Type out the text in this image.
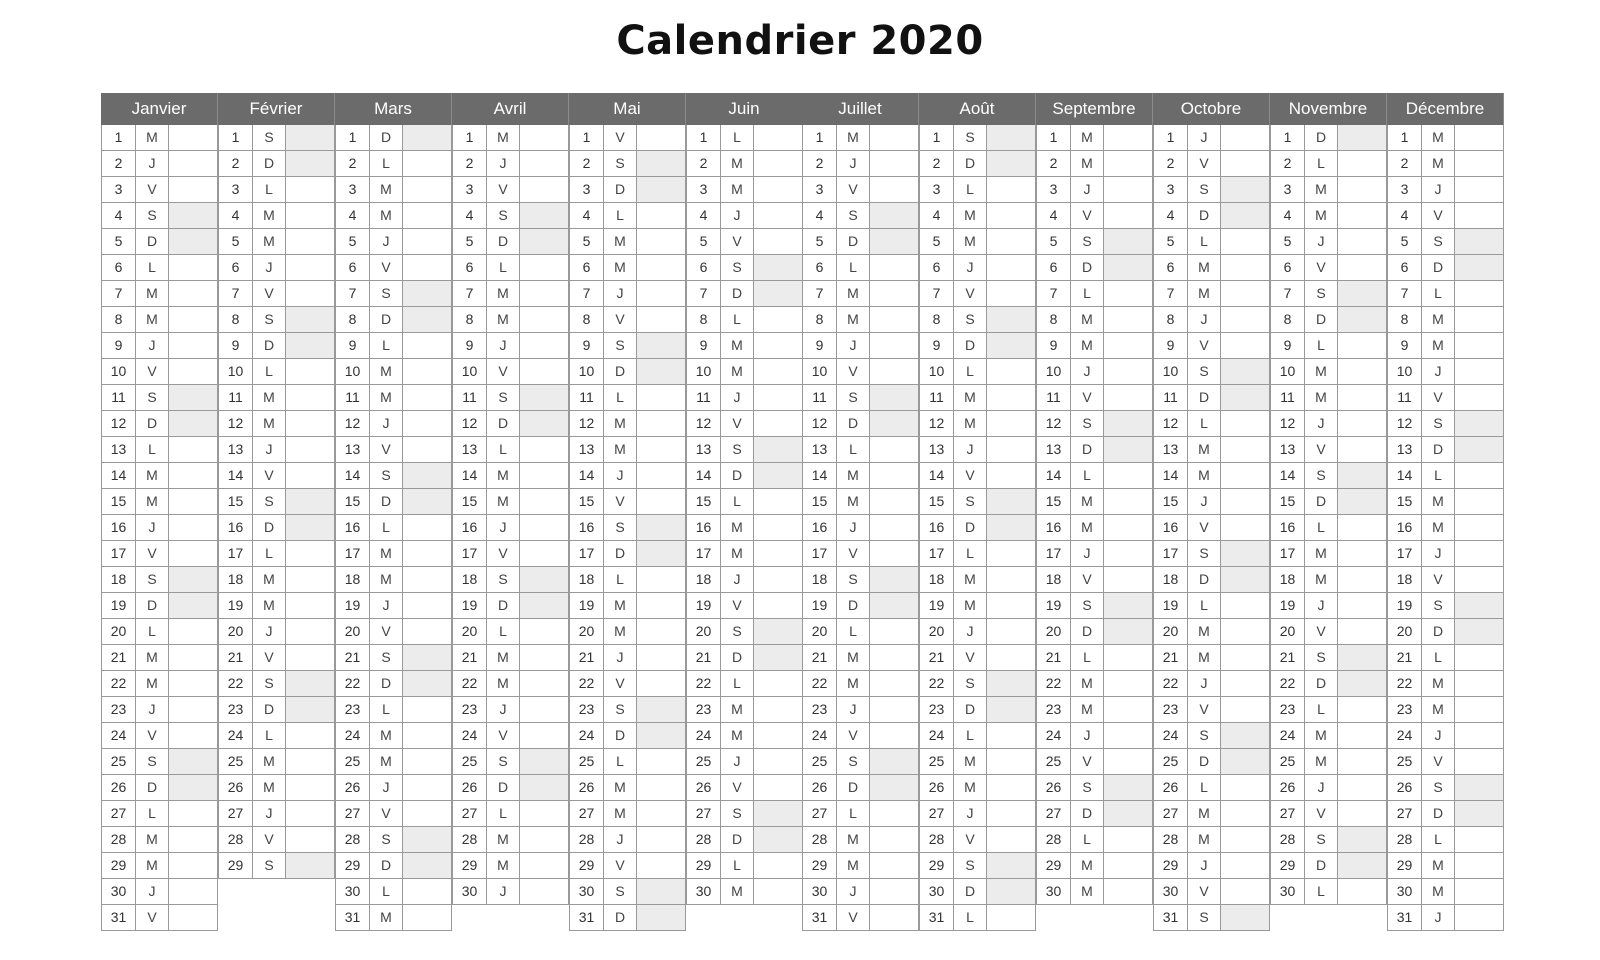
Calendrier 2020
Janvier
1	M
2	J
3	V
4	S
5	D
6	L
7	M
8	M
9	J
10	V
11	S
12	D
13	L
14	M
15	M
16	J
17	V
18	S
19	D
20	L
21	M
22	M
23	J
24	V
25	S
26	D
27	L
28	M
29	M
30	J
31	V
Février
1	S
2	D
3	L
4	M
5	M
6	J
7	V
8	S
9	D
10	L
11	M
12	M
13	J
14	V
15	S
16	D
17	L
18	M
19	M
20	J
21	V
22	S
23	D
24	L
25	M
26	M
27	J
28	V
29	S
Mars
1	D
2	L
3	M
4	M
5	J
6	V
7	S
8	D
9	L
10	M
11	M
12	J
13	V
14	S
15	D
16	L
17	M
18	M
19	J
20	V
21	S
22	D
23	L
24	M
25	M
26	J
27	V
28	S
29	D
30	L
31	M
Avril
1	M
2	J
3	V
4	S
5	D
6	L
7	M
8	M
9	J
10	V
11	S
12	D
13	L
14	M
15	M
16	J
17	V
18	S
19	D
20	L
21	M
22	M
23	J
24	V
25	S
26	D
27	L
28	M
29	M
30	J
Mai
1	V
2	S
3	D
4	L
5	M
6	M
7	J
8	V
9	S
10	D
11	L
12	M
13	M
14	J
15	V
16	S
17	D
18	L
19	M
20	M
21	J
22	V
23	S
24	D
25	L
26	M
27	M
28	J
29	V
30	S
31	D
Juin
1	L
2	M
3	M
4	J
5	V
6	S
7	D
8	L
9	M
10	M
11	J
12	V
13	S
14	D
15	L
16	M
17	M
18	J
19	V
20	S
21	D
22	L
23	M
24	M
25	J
26	V
27	S
28	D
29	L
30	M
Juillet
1	M
2	J
3	V
4	S
5	D
6	L
7	M
8	M
9	J
10	V
11	S
12	D
13	L
14	M
15	M
16	J
17	V
18	S
19	D
20	L
21	M
22	M
23	J
24	V
25	S
26	D
27	L
28	M
29	M
30	J
31	V
Août
1	S
2	D
3	L
4	M
5	M
6	J
7	V
8	S
9	D
10	L
11	M
12	M
13	J
14	V
15	S
16	D
17	L
18	M
19	M
20	J
21	V
22	S
23	D
24	L
25	M
26	M
27	J
28	V
29	S
30	D
31	L
Septembre
1	M
2	M
3	J
4	V
5	S
6	D
7	L
8	M
9	M
10	J
11	V
12	S
13	D
14	L
15	M
16	M
17	J
18	V
19	S
20	D
21	L
22	M
23	M
24	J
25	V
26	S
27	D
28	L
29	M
30	M
Octobre
1	J
2	V
3	S
4	D
5	L
6	M
7	M
8	J
9	V
10	S
11	D
12	L
13	M
14	M
15	J
16	V
17	S
18	D
19	L
20	M
21	M
22	J
23	V
24	S
25	D
26	L
27	M
28	M
29	J
30	V
31	S
Novembre
1	D
2	L
3	M
4	M
5	J
6	V
7	S
8	D
9	L
10	M
11	M
12	J
13	V
14	S
15	D
16	L
17	M
18	M
19	J
20	V
21	S
22	D
23	L
24	M
25	M
26	J
27	V
28	S
29	D
30	L
Décembre
1	M
2	M
3	J
4	V
5	S
6	D
7	L
8	M
9	M
10	J
11	V
12	S
13	D
14	L
15	M
16	M
17	J
18	V
19	S
20	D
21	L
22	M
23	M
24	J
25	V
26	S
27	D
28	L
29	M
30	M
31	J
